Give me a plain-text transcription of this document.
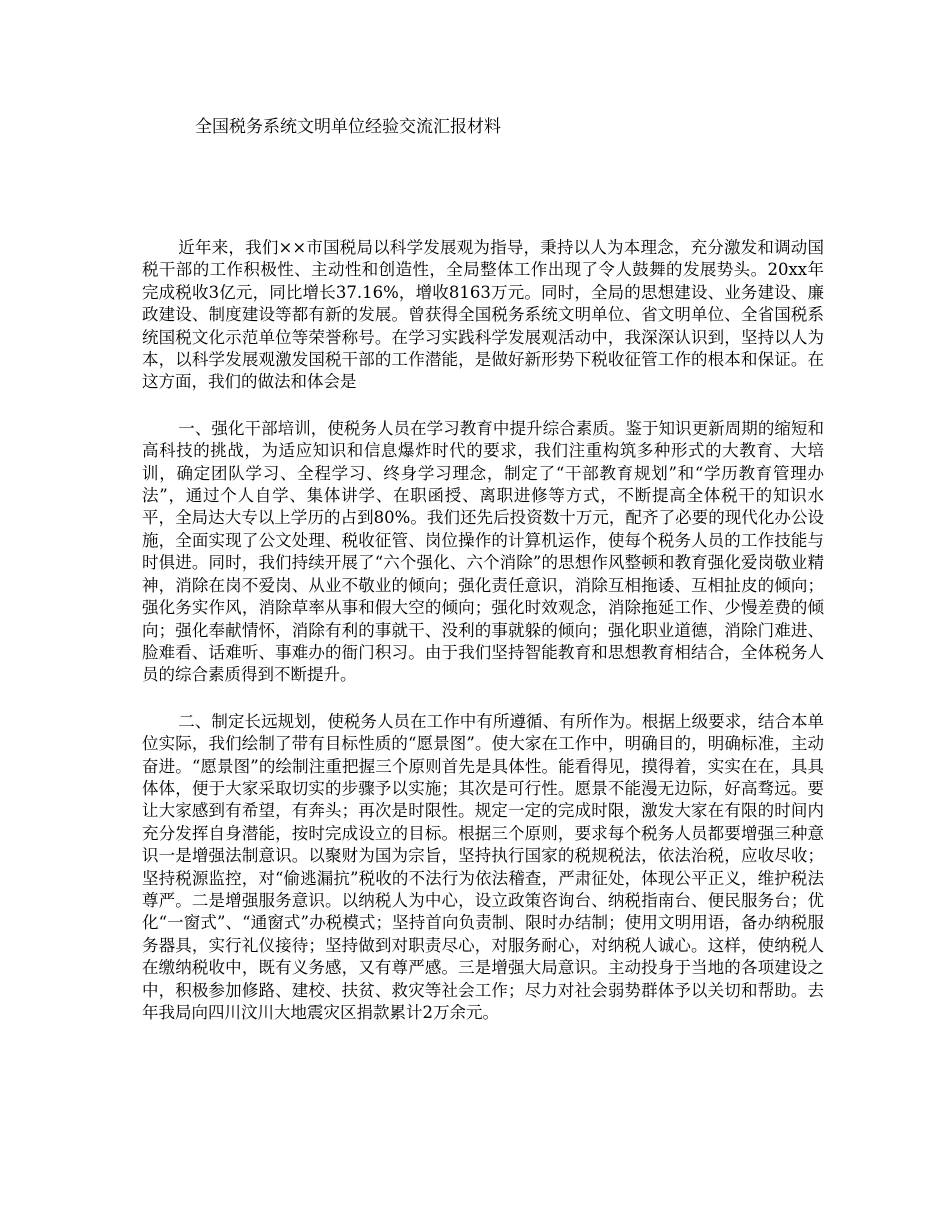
全国税务系统文明单位经验交流汇报材料

近年来，我们××市国税局以科学发展观为指导，秉持以人为本理念，充分激发和调动国税干部的工作积极性、主动性和创造性，全局整体工作出现了令人鼓舞的发展势头。20xx年完成税收3亿元，同比增长37.16%，增收8163万元。同时，全局的思想建设、业务建设、廉政建设、制度建设等都有新的发展。曾获得全国税务系统文明单位、省文明单位、全省国税系统国税文化示范单位等荣誉称号。在学习实践科学发展观活动中，我深深认识到，坚持以人为本，以科学发展观激发国税干部的工作潜能，是做好新形势下税收征管工作的根本和保证。在这方面，我们的做法和体会是

一、强化干部培训，使税务人员在学习教育中提升综合素质。鉴于知识更新周期的缩短和高科技的挑战，为适应知识和信息爆炸时代的要求，我们注重构筑多种形式的大教育、大培训，确定团队学习、全程学习、终身学习理念，制定了“干部教育规划”和“学历教育管理办法”，通过个人自学、集体讲学、在职函授、离职进修等方式，不断提高全体税干的知识水平，全局达大专以上学历的占到80%。我们还先后投资数十万元，配齐了必要的现代化办公设施，全面实现了公文处理、税收征管、岗位操作的计算机运作，使每个税务人员的工作技能与时俱进。同时，我们持续开展了“六个强化、六个消除”的思想作风整顿和教育强化爱岗敬业精神，消除在岗不爱岗、从业不敬业的倾向；强化责任意识，消除互相拖诿、互相扯皮的倾向；强化务实作风，消除草率从事和假大空的倾向；强化时效观念，消除拖延工作、少慢差费的倾向；强化奉献情怀，消除有利的事就干、没利的事就躲的倾向；强化职业道德，消除门难进、脸难看、话难听、事难办的衙门积习。由于我们坚持智能教育和思想教育相结合，全体税务人员的综合素质得到不断提升。

二、制定长远规划，使税务人员在工作中有所遵循、有所作为。根据上级要求，结合本单位实际，我们绘制了带有目标性质的“愿景图”。使大家在工作中，明确目的，明确标准，主动奋进。“愿景图”的绘制注重把握三个原则首先是具体性。能看得见，摸得着，实实在在，具具体体，便于大家采取切实的步骤予以实施；其次是可行性。愿景不能漫无边际，好高骛远。要让大家感到有希望，有奔头；再次是时限性。规定一定的完成时限，激发大家在有限的时间内充分发挥自身潜能，按时完成设立的目标。根据三个原则，要求每个税务人员都要增强三种意识一是增强法制意识。以聚财为国为宗旨，坚持执行国家的税规税法，依法治税，应收尽收；坚持税源监控，对“偷逃漏抗”税收的不法行为依法稽查，严肃征处，体现公平正义，维护税法尊严。二是增强服务意识。以纳税人为中心，设立政策咨询台、纳税指南台、便民服务台；优化“一窗式”、“通窗式”办税模式；坚持首向负责制、限时办结制；使用文明用语，备办纳税服务器具，实行礼仪接待；坚持做到对职责尽心，对服务耐心，对纳税人诚心。这样，使纳税人在缴纳税收中，既有义务感，又有尊严感。三是增强大局意识。主动投身于当地的各项建设之中，积极参加修路、建校、扶贫、救灾等社会工作；尽力对社会弱势群体予以关切和帮助。去年我局向四川汶川大地震灾区捐款累计2万余元。
